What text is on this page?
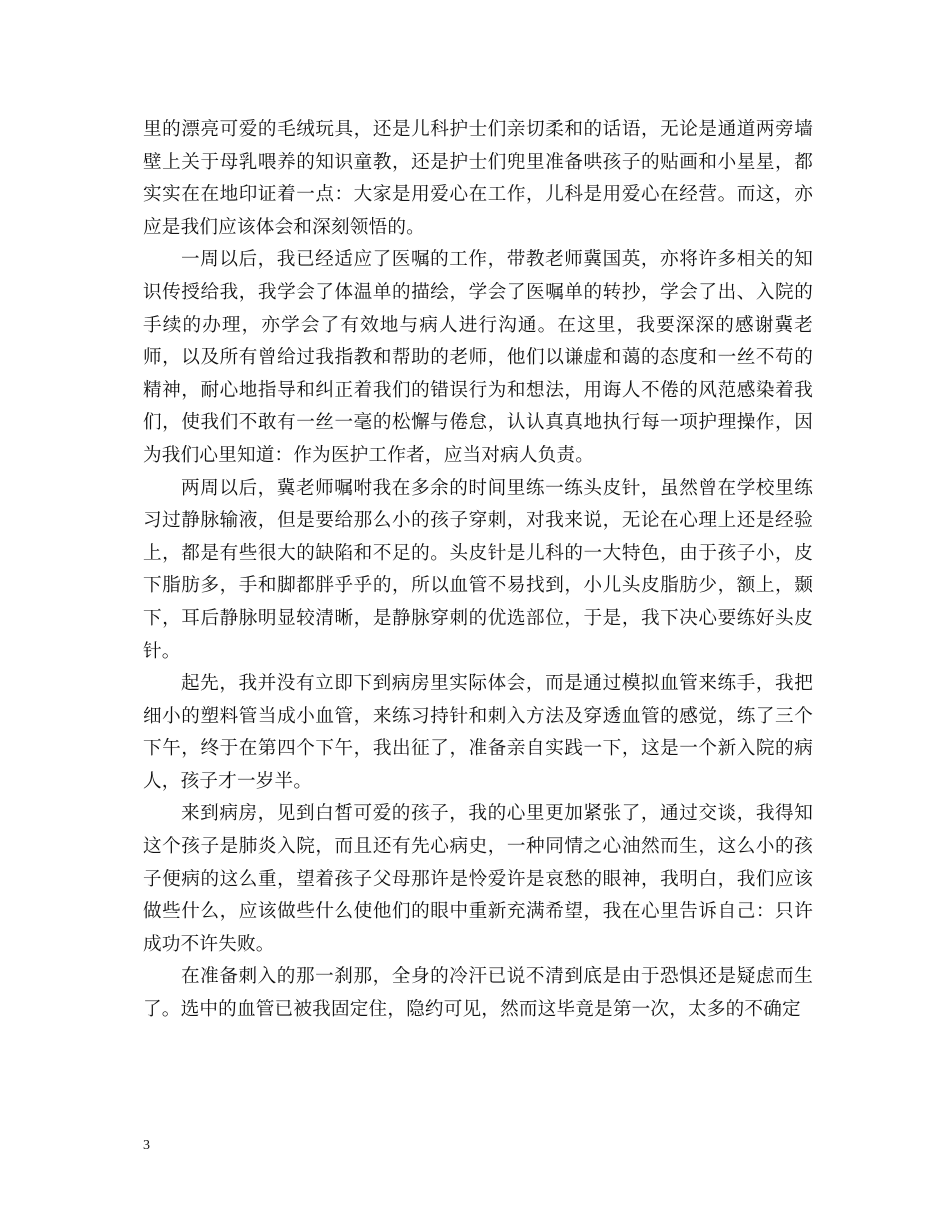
里的漂亮可爱的毛绒玩具，还是儿科护士们亲切柔和的话语，无论是通道两旁墙壁上关于母乳喂养的知识童教，还是护士们兜里准备哄孩子的贴画和小星星，都实实在在地印证着一点：大家是用爱心在工作，儿科是用爱心在经营。而这，亦应是我们应该体会和深刻领悟的。

一周以后，我已经适应了医嘱的工作，带教老师冀国英，亦将许多相关的知识传授给我，我学会了体温单的描绘，学会了医嘱单的转抄，学会了出、入院的手续的办理，亦学会了有效地与病人进行沟通。在这里，我要深深的感谢冀老师，以及所有曾给过我指教和帮助的老师，他们以谦虚和蔼的态度和一丝不苟的精神，耐心地指导和纠正着我们的错误行为和想法，用诲人不倦的风范感染着我们，使我们不敢有一丝一毫的松懈与倦怠，认认真真地执行每一项护理操作，因为我们心里知道：作为医护工作者，应当对病人负责。

两周以后，冀老师嘱咐我在多余的时间里练一练头皮针，虽然曾在学校里练习过静脉输液，但是要给那么小的孩子穿刺，对我来说，无论在心理上还是经验上，都是有些很大的缺陷和不足的。头皮针是儿科的一大特色，由于孩子小，皮下脂肪多，手和脚都胖乎乎的，所以血管不易找到，小儿头皮脂肪少，额上，颞下，耳后静脉明显较清晰，是静脉穿刺的优选部位，于是，我下决心要练好头皮针。

起先，我并没有立即下到病房里实际体会，而是通过模拟血管来练手，我把细小的塑料管当成小血管，来练习持针和刺入方法及穿透血管的感觉，练了三个下午，终于在第四个下午，我出征了，准备亲自实践一下，这是一个新入院的病人，孩子才一岁半。

来到病房，见到白皙可爱的孩子，我的心里更加紧张了，通过交谈，我得知这个孩子是肺炎入院，而且还有先心病史，一种同情之心油然而生，这么小的孩子便病的这么重，望着孩子父母那许是怜爱许是哀愁的眼神，我明白，我们应该做些什么，应该做些什么使他们的眼中重新充满希望，我在心里告诉自己：只许成功不许失败。

在准备刺入的那一刹那，全身的冷汗已说不清到底是由于恐惧还是疑虑而生了。选中的血管已被我固定住，隐约可见，然而这毕竟是第一次，太多的不确定

3
